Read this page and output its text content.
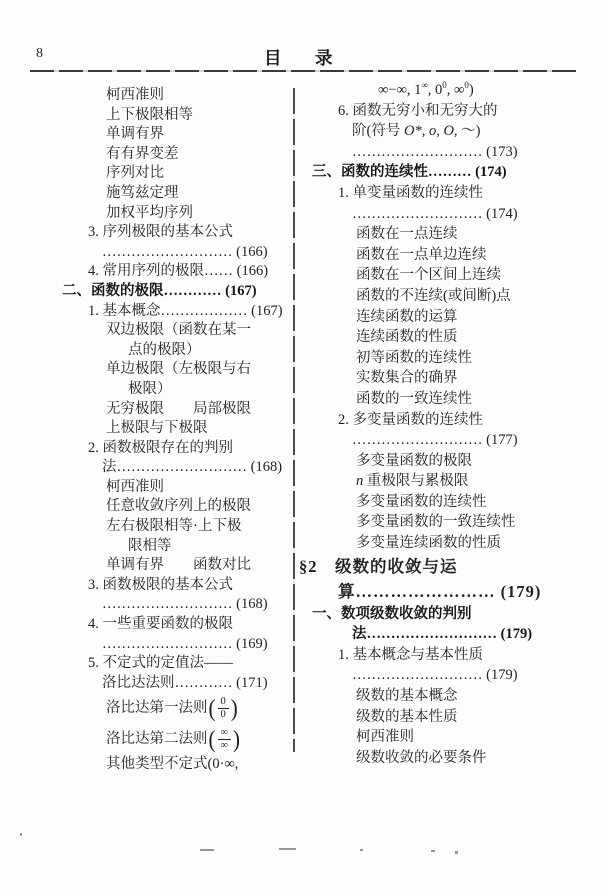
8	目　录
柯西准则
上下极限相等
单调有界
有有界变差
序列对比
施笃兹定理
加权平均序列
3. 序列极限的基本公式
……………………… (166)
4. 常用序列的极限…… (166)
二、函数的极限………… (167)
1. 基本概念……………… (167)
双边极限（函数在某一
点的极限）
单边极限（左极限与右
极限）
无穷极限　　局部极限
上极限与下极限
2. 函数极限存在的判别
法……………………… (168)
柯西准则
任意收敛序列上的极限
左右极限相等·上下极
限相等
单调有界　　函数对比
3. 函数极限的基本公式
……………………… (168)
4. 一些重要函数的极限
……………………… (169)
5. 不定式的定值法——
洛比达法则………… (171)
洛比达第一法则 ( $\frac{0}{0}$ )
洛比达第二法则 ( $\frac{\infty}{\infty}$ )
其他类型不定式(0·∞,
∞−∞, 1∞, $0^0$, ∞$^0$)
6. 函数无穷小和无穷大的
阶(符号 O*, o, O, ～)
……………………… (173)
三、函数的连续性……… (174)
1. 单变量函数的连续性
……………………… (174)
函数在一点连续
函数在一点单边连续
函数在一个区间上连续
函数的不连续(或间断)点
连续函数的运算
连续函数的性质
初等函数的连续性
实数集合的确界
函数的一致连续性
2. 多变量函数的连续性
……………………… (177)
多变量函数的极限
n 重极限与累极限
多变量函数的连续性
多变量函数的一致连续性
多变量连续函数的性质
§2　级数的收敛与运
算…………………… (179)
一、数项级数收敛的判别
法……………………… (179)
1. 基本概念与基本性质
……………………… (179)
级数的基本概念
级数的基本性质
柯西准则
级数收敛的必要条件
